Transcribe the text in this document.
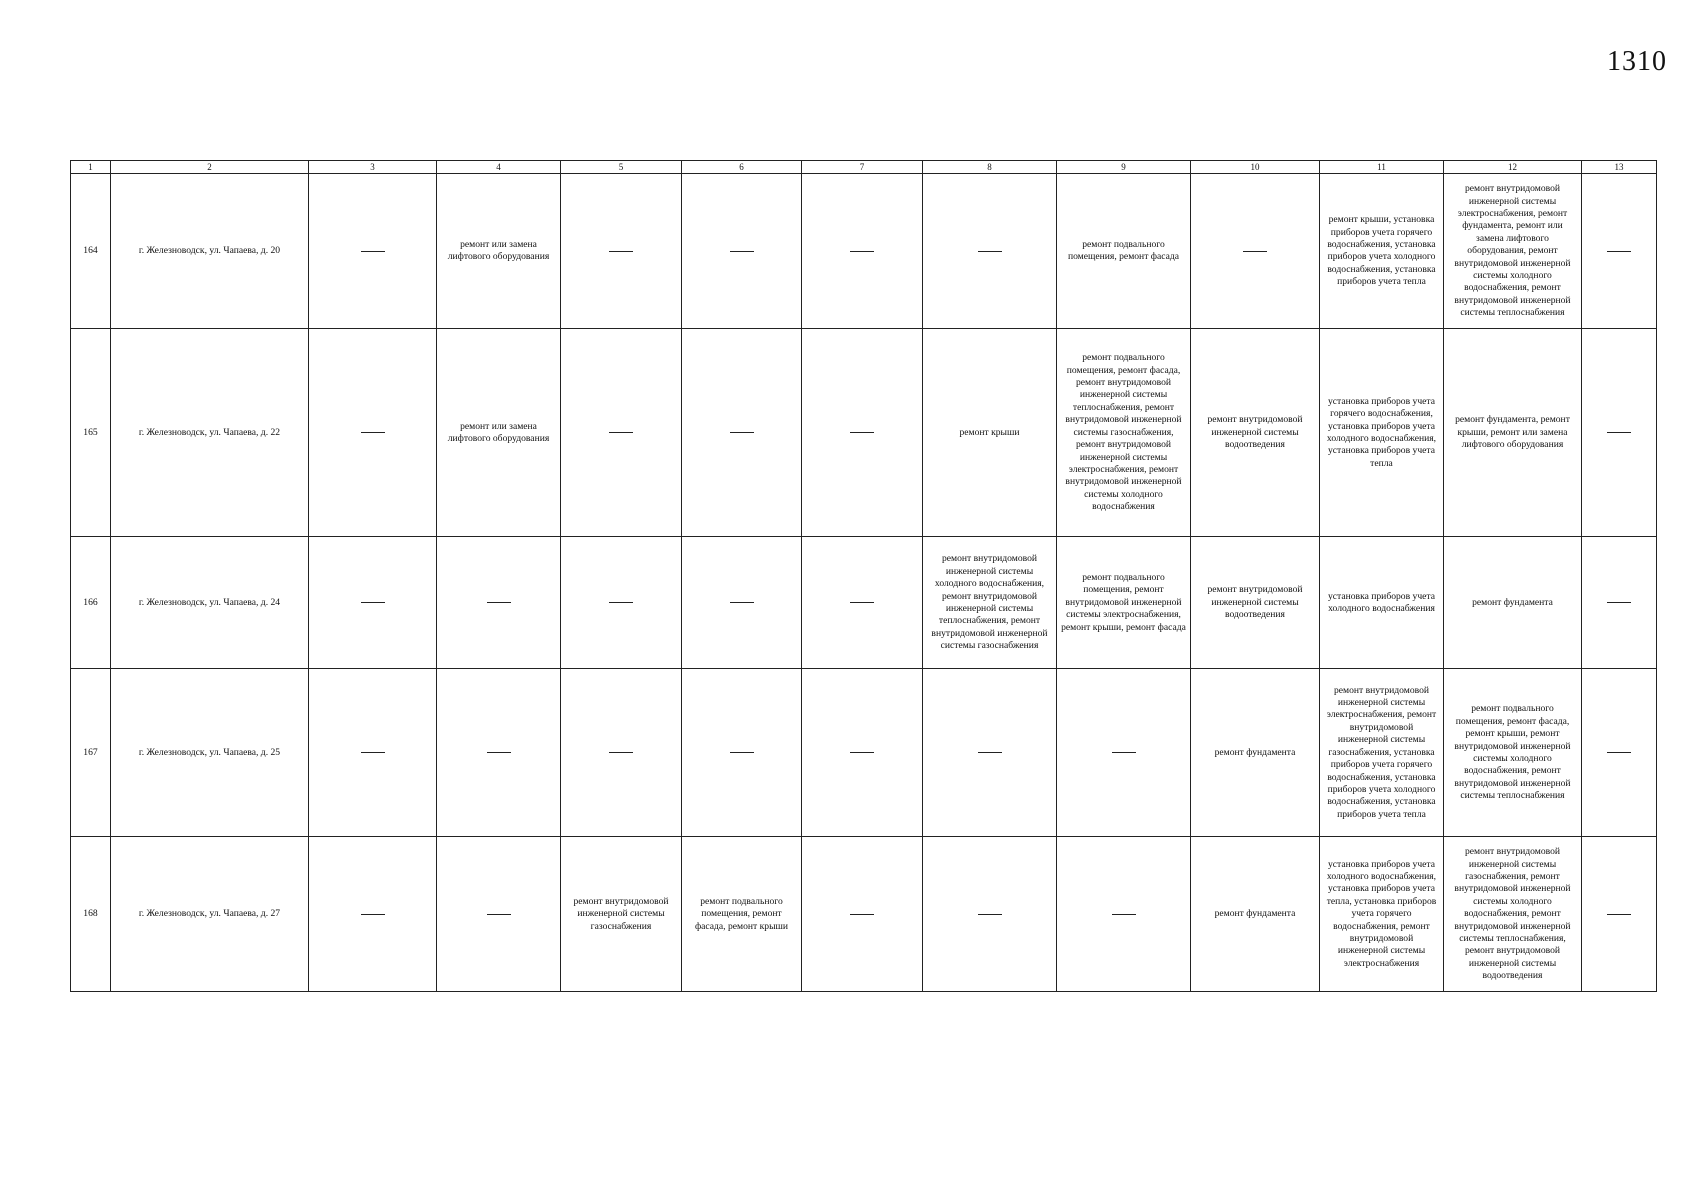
1310
1	2	3	4	5	6	7	8	9	10	11	12	13
164	г. Железноводск, ул. Чапаева, д. 20		ремонт или замена лифтового оборудования					ремонт подвального помещения, ремонт фасада		ремонт крыши, установка приборов учета горячего водоснабжения, установка приборов учета холодного водоснабжения, установка приборов учета тепла	ремонт внутридомовой инженерной системы электроснабжения, ремонт фундамента, ремонт или замена лифтового оборудования, ремонт внутридомовой инженерной системы холодного водоснабжения, ремонт внутридомовой инженерной системы теплоснабжения	
165	г. Железноводск, ул. Чапаева, д. 22		ремонт или замена лифтового оборудования				ремонт крыши	ремонт подвального помещения, ремонт фасада, ремонт внутридомовой инженерной системы теплоснабжения, ремонт внутридомовой инженерной системы газоснабжения, ремонт внутридомовой инженерной системы электроснабжения, ремонт внутридомовой инженерной системы холодного водоснабжения	ремонт внутридомовой инженерной системы водоотведения	установка приборов учета горячего водоснабжения, установка приборов учета холодного водоснабжения, установка приборов учета тепла	ремонт фундамента, ремонт крыши, ремонт или замена лифтового оборудования	
166	г. Железноводск, ул. Чапаева, д. 24						ремонт внутридомовой инженерной системы холодного водоснабжения, ремонт внутридомовой инженерной системы теплоснабжения, ремонт внутридомовой инженерной системы газоснабжения	ремонт подвального помещения, ремонт внутридомовой инженерной системы электроснабжения, ремонт крыши, ремонт фасада	ремонт внутридомовой инженерной системы водоотведения	установка приборов учета холодного водоснабжения	ремонт фундамента	
167	г. Железноводск, ул. Чапаева, д. 25								ремонт фундамента	ремонт внутридомовой инженерной системы электроснабжения, ремонт внутридомовой инженерной системы газоснабжения, установка приборов учета горячего водоснабжения, установка приборов учета холодного водоснабжения, установка приборов учета тепла	ремонт подвального помещения, ремонт фасада, ремонт крыши, ремонт внутридомовой инженерной системы холодного водоснабжения, ремонт внутридомовой инженерной системы теплоснабжения	
168	г. Железноводск, ул. Чапаева, д. 27			ремонт внутридомовой инженерной системы газоснабжения	ремонт подвального помещения, ремонт фасада, ремонт крыши				ремонт фундамента	установка приборов учета холодного водоснабжения, установка приборов учета тепла, установка приборов учета горячего водоснабжения, ремонт внутридомовой инженерной системы электроснабжения	ремонт внутридомовой инженерной системы газоснабжения, ремонт внутридомовой инженерной системы холодного водоснабжения, ремонт внутридомовой инженерной системы теплоснабжения, ремонт внутридомовой инженерной системы водоотведения	
